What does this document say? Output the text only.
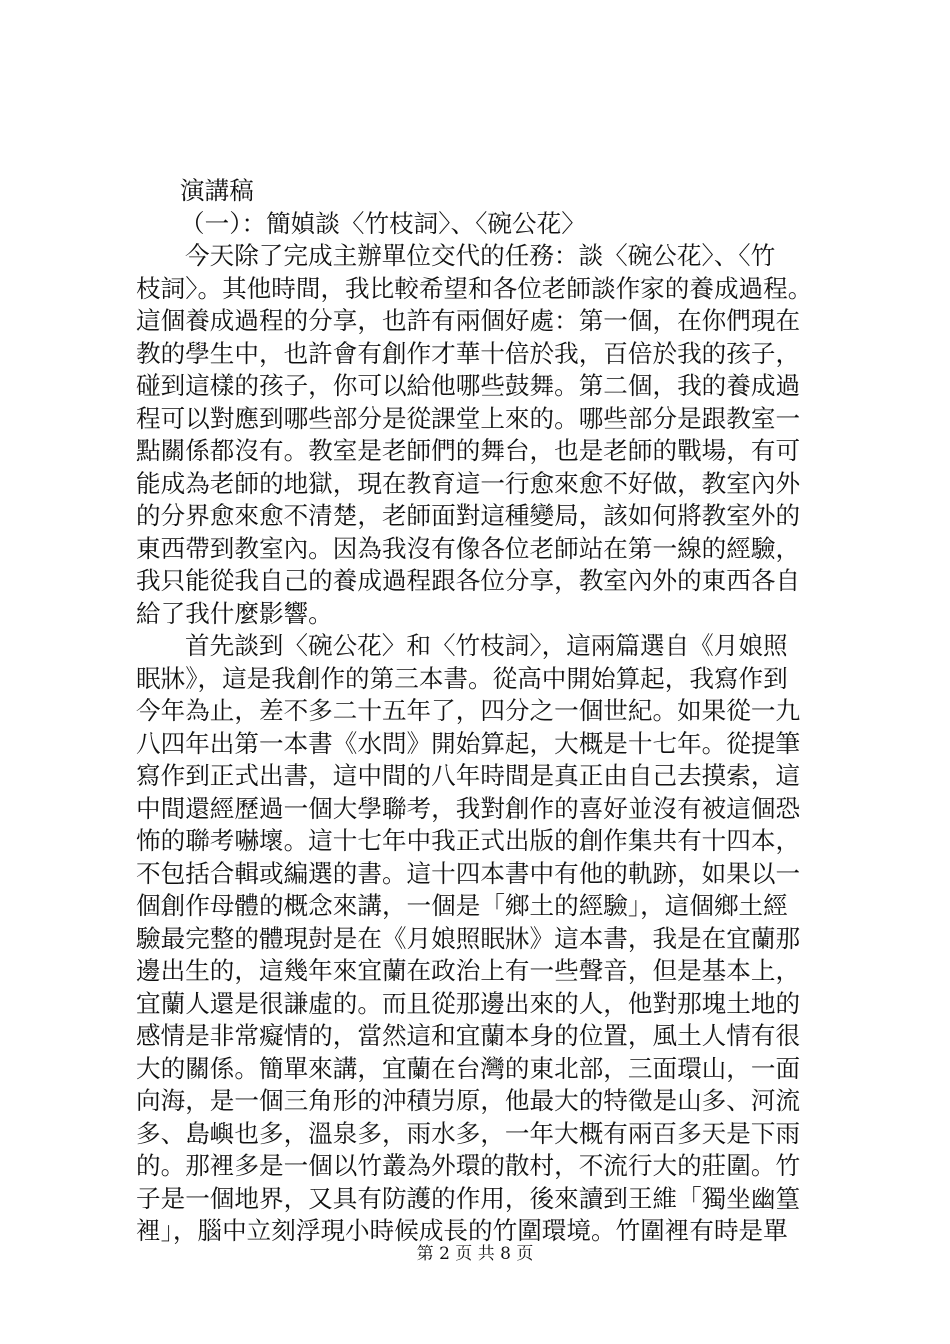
演講稿
（一）：簡媜談〈竹枝詞〉、〈碗公花〉
今天除了完成主辦單位交代的任務：談〈碗公花〉、〈竹
枝詞〉。其他時間，我比較希望和各位老師談作家的養成過程。
這個養成過程的分享，也許有兩個好處：第一個，在你們現在
教的學生中，也許會有創作才華十倍於我，百倍於我的孩子，
碰到這樣的孩子，你可以給他哪些鼓舞。第二個，我的養成過
程可以對應到哪些部分是從課堂上來的。哪些部分是跟教室一
點關係都沒有。教室是老師們的舞台，也是老師的戰場，有可
能成為老師的地獄，現在教育這一行愈來愈不好做，教室內外
的分界愈來愈不清楚，老師面對這種變局，該如何將教室外的
東西帶到教室內。因為我沒有像各位老師站在第一線的經驗，
我只能從我自己的養成過程跟各位分享，教室內外的東西各自
給了我什麼影響。
首先談到〈碗公花〉和〈竹枝詞〉，這兩篇選自《月娘照
眠牀》，這是我創作的第三本書。從高中開始算起，我寫作到
今年為止，差不多二十五年了，四分之一個世紀。如果從一九
八四年出第一本書《水問》開始算起，大概是十七年。從提筆
寫作到正式出書，這中間的八年時間是真正由自己去摸索，這
中間還經歷過一個大學聯考，我對創作的喜好並沒有被這個恐
怖的聯考嚇壞。這十七年中我正式出版的創作集共有十四本，
不包括合輯或編選的書。這十四本書中有他的軌跡，如果以一
個創作母體的概念來講，一個是「鄉土的經驗」，這個鄉土經
驗最完整的體現尌是在《月娘照眠牀》這本書，我是在宜蘭那
邊出生的，這幾年來宜蘭在政治上有一些聲音，但是基本上，
宜蘭人還是很謙虛的。而且從那邊出來的人，他對那塊土地的
感情是非常癡情的，當然這和宜蘭本身的位置，風土人情有很
大的關係。簡單來講，宜蘭在台灣的東北部，三面環山，一面
向海，是一個三角形的沖積屶原，他最大的特徵是山多、河流
多、島嶼也多，溫泉多，雨水多，一年大概有兩百多天是下雨
的。那裡多是一個以竹叢為外環的散村，不流行大的莊圍。竹
子是一個地界，又具有防護的作用，後來讀到王維「獨坐幽篁
裡」，腦中立刻浮現小時候成長的竹圍環境。竹圍裡有時是單
第 2 页 共 8 页
